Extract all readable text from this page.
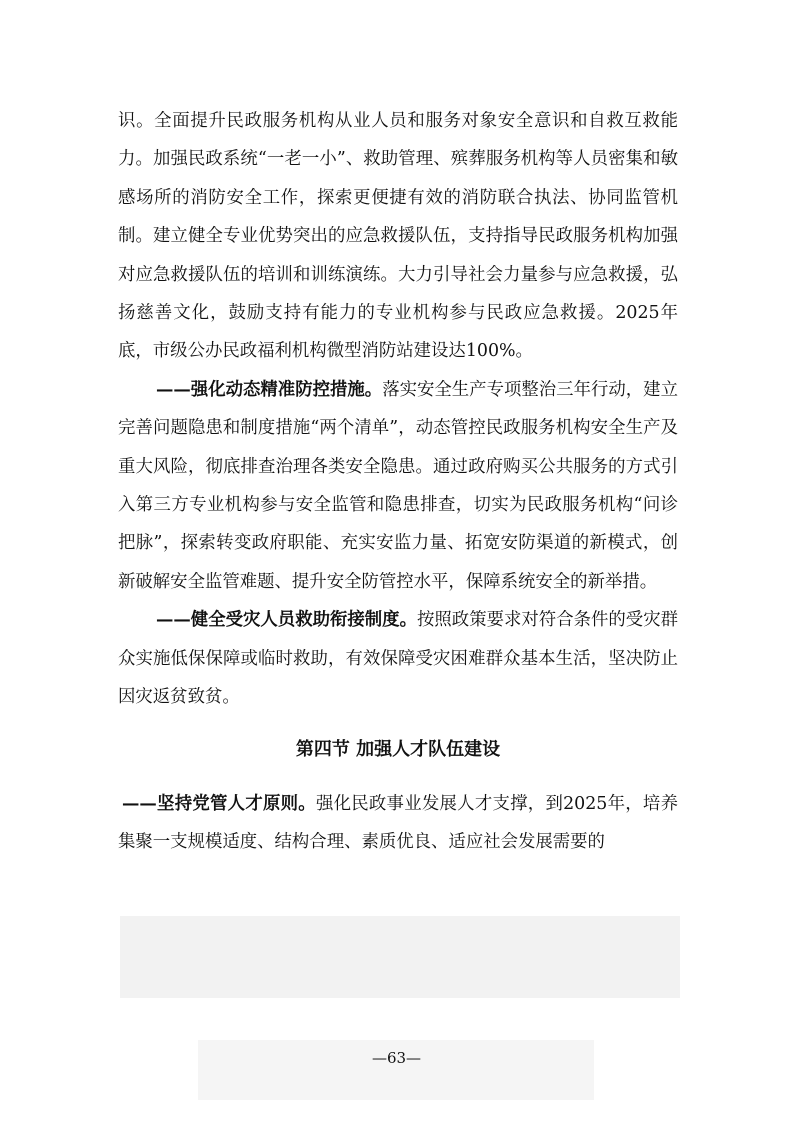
识。全面提升民政服务机构从业人员和服务对象安全意识和自救互救能力。加强民政系统“一老一小”、救助管理、殡葬服务机构等人员密集和敏感场所的消防安全工作，探索更便捷有效的消防联合执法、协同监管机制。建立健全专业优势突出的应急救援队伍，支持指导民政服务机构加强对应急救援队伍的培训和训练演练。大力引导社会力量参与应急救援，弘扬慈善文化，鼓励支持有能力的专业机构参与民政应急救援。2025年底，市级公办民政福利机构微型消防站建设达100%。

——强化动态精准防控措施。落实安全生产专项整治三年行动，建立完善问题隐患和制度措施“两个清单”，动态管控民政服务机构安全生产及重大风险，彻底排查治理各类安全隐患。通过政府购买公共服务的方式引入第三方专业机构参与安全监管和隐患排查，切实为民政服务机构“问诊把脉”，探索转变政府职能、充实安监力量、拓宽安防渠道的新模式，创新破解安全监管难题、提升安全防管控水平，保障系统安全的新举措。

——健全受灾人员救助衔接制度。按照政策要求对符合条件的受灾群众实施低保保障或临时救助，有效保障受灾困难群众基本生活，坚决防止因灾返贫致贫。

第四节 加强人才队伍建设

——坚持党管人才原则。强化民政事业发展人才支撑，到2025年，培养集聚一支规模适度、结构合理、素质优良、适应社会发展需要的

—63—
